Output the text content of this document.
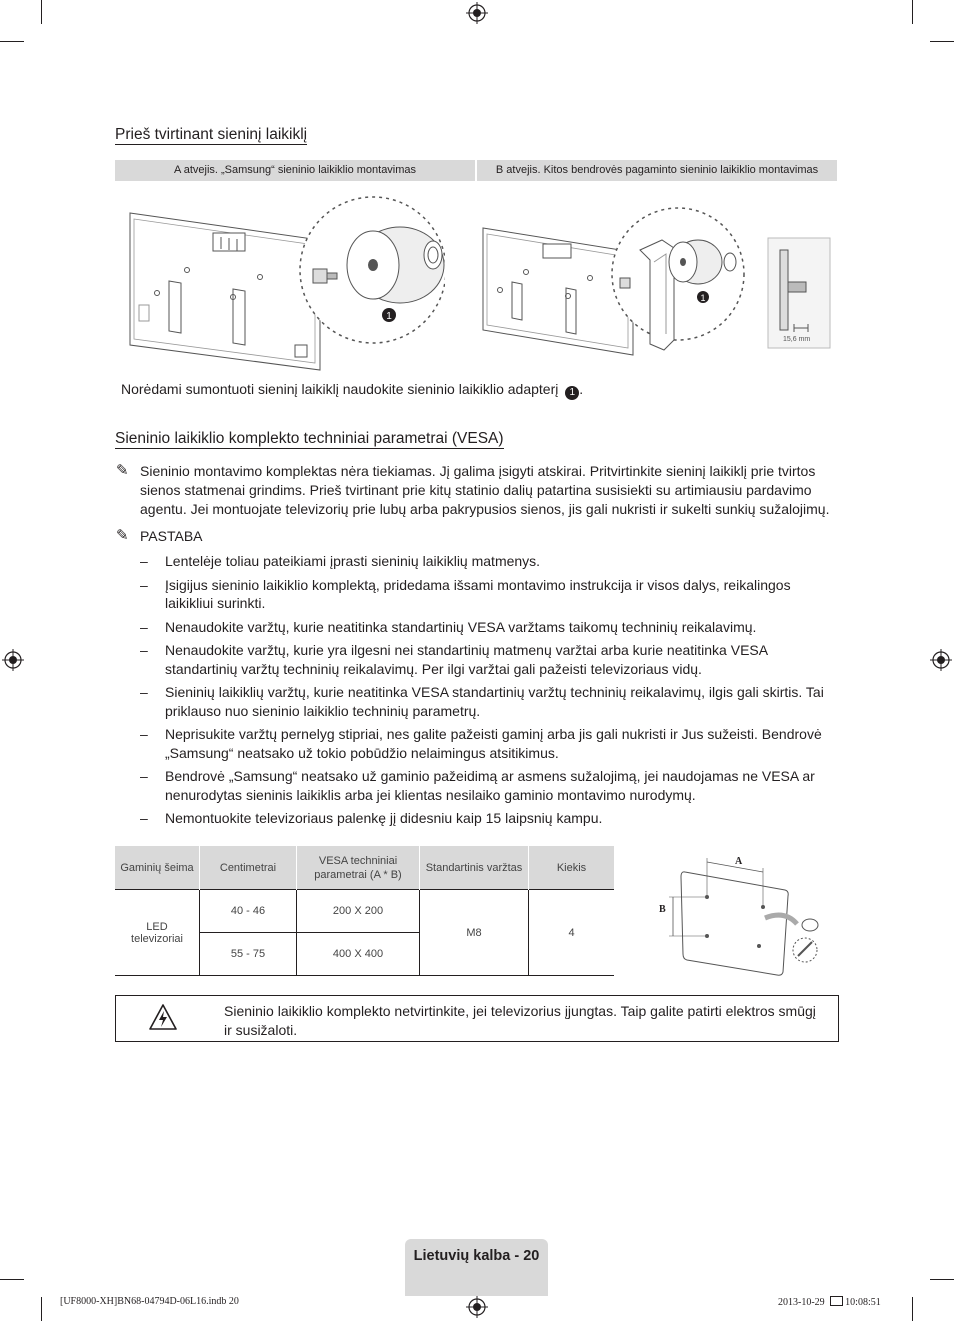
Prieš tvirtinant sieninį laikiklį
A atvejis. „Samsung“ sieninio laikiklio montavimas	B atvejis. Kitos bendrovės pagaminto sieninio laikiklio montavimas
1
1
15,6 mm
Norėdami sumontuoti sieninį laikiklį naudokite sieninio laikiklio adapterį 1 .
Sieninio laikiklio komplekto techniniai parametrai (VESA)
✎ Sieninio montavimo komplektas nėra tiekiamas. Jį galima įsigyti atskirai. Pritvirtinkite sieninį laikiklį prie tvirtos sienos statmenai grindims. Prieš tvirtinant prie kitų statinio dalių patartina susisiekti su artimiausiu pardavimo agentu. Jei montuojate televizorių prie lubų arba pakrypusios sienos, jis gali nukristi ir sukelti sunkių sužalojimų.
✎ PASTABA
– Lentelėje toliau pateikiami įprasti sieninių laikiklių matmenys.
– Įsigijus sieninio laikiklio komplektą, pridedama išsami montavimo instrukcija ir visos dalys, reikalingos laikikliui surinkti.
– Nenaudokite varžtų, kurie neatitinka standartinių VESA varžtams taikomų techninių reikalavimų.
– Nenaudokite varžtų, kurie yra ilgesni nei standartinių matmenų varžtai arba kurie neatitinka VESA standartinių varžtų techninių reikalavimų. Per ilgi varžtai gali pažeisti televizoriaus vidų.
– Sieninių laikiklių varžtų, kurie neatitinka VESA standartinių varžtų techninių reikalavimų, ilgis gali skirtis. Tai priklauso nuo sieninio laikiklio techninių parametrų.
– Neprisukite varžtų pernelyg stipriai, nes galite pažeisti gaminį arba jis gali nukristi ir Jus sužeisti. Bendrovė „Samsung“ neatsako už tokio pobūdžio nelaimingus atsitikimus.
– Bendrovė „Samsung“ neatsako už gaminio pažeidimą ar asmens sužalojimą, jei naudojamas ne VESA ar nenurodytas sieninis laikiklis arba jei klientas nesilaiko gaminio montavimo nurodymų.
– Nemontuokite televizoriaus palenkę jį didesniu kaip 15 laipsnių kampu.
Gaminių šeima	Centimetrai	VESA techniniai parametrai (A * B)	Standartinis varžtas	Kiekis
LED televizoriai	40 - 46	200 X 200	M8	4
	55 - 75	400 X 400		
A
B
Sieninio laikiklio komplekto netvirtinkite, jei televizorius įjungtas. Taip galite patirti elektros smūgį ir susižaloti.
Lietuvių kalba - 20
[UF8000-XH]BN68-04794D-06L16.indb 20	2013-10-29   10:08:51
